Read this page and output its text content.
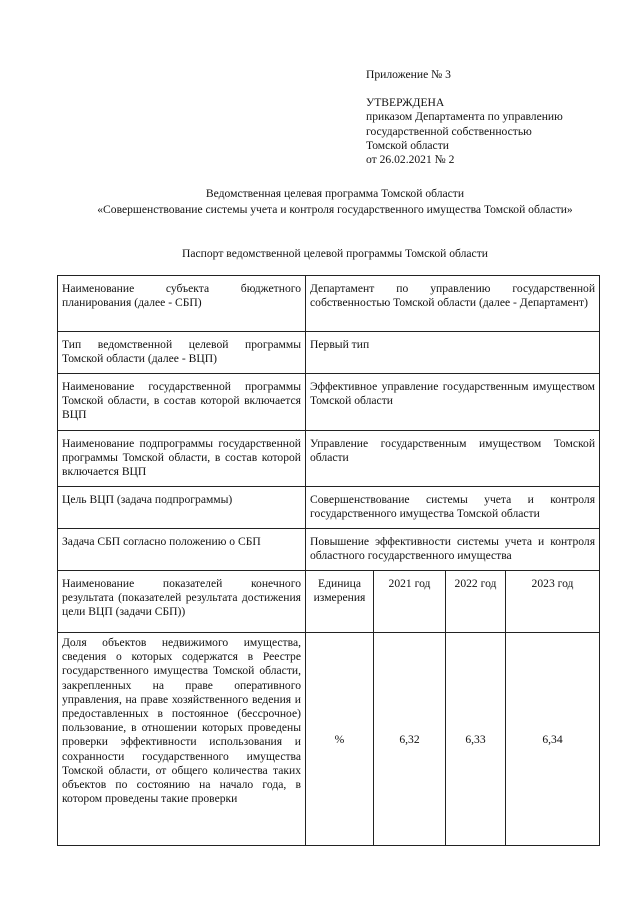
Приложение № 3
УТВЕРЖДЕНА
приказом Департамента по управлению
государственной собственностью
Томской области
от 26.02.2021 № 2
Ведомственная целевая программа Томской области
«Совершенствование системы учета и контроля государственного имущества Томской области»
Паспорт ведомственной целевой программы Томской области
Наименование субъекта бюджетного планирования (далее - СБП)	Департамент по управлению государственной собственностью Томской области (далее - Департамент)			
Тип ведомственной целевой программы Томской области (далее - ВЦП)	Первый тип			
Наименование государственной программы Томской области, в состав которой включается ВЦП	Эффективное управление государственным имуществом Томской области			
Наименование подпрограммы государственной программы Томской области, в состав которой включается ВЦП	Управление государственным имуществом Томской области			
Цель ВЦП (задача подпрограммы)	Совершенствование системы учета и контроля государственного имущества Томской области			
Задача СБП согласно положению о СБП	Повышение эффективности системы учета и контроля областного государственного имущества			
Наименование показателей конечного результата (показателей результата достижения цели ВЦП (задачи СБП))	Единица измерения	2021 год	2022 год	2023 год
Доля объектов недвижимого имущества, сведения о которых содержатся в Реестре государственного имущества Томской области, закрепленных на праве оперативного управления, на праве хозяйственного ведения и предоставленных в постоянное (бессрочное) пользование, в отношении которых проведены проверки эффективности использования и сохранности государственного имущества Томской области, от общего количества таких объектов по состоянию на начало года, в котором проведены такие проверки	%	6,32	6,33	6,34
